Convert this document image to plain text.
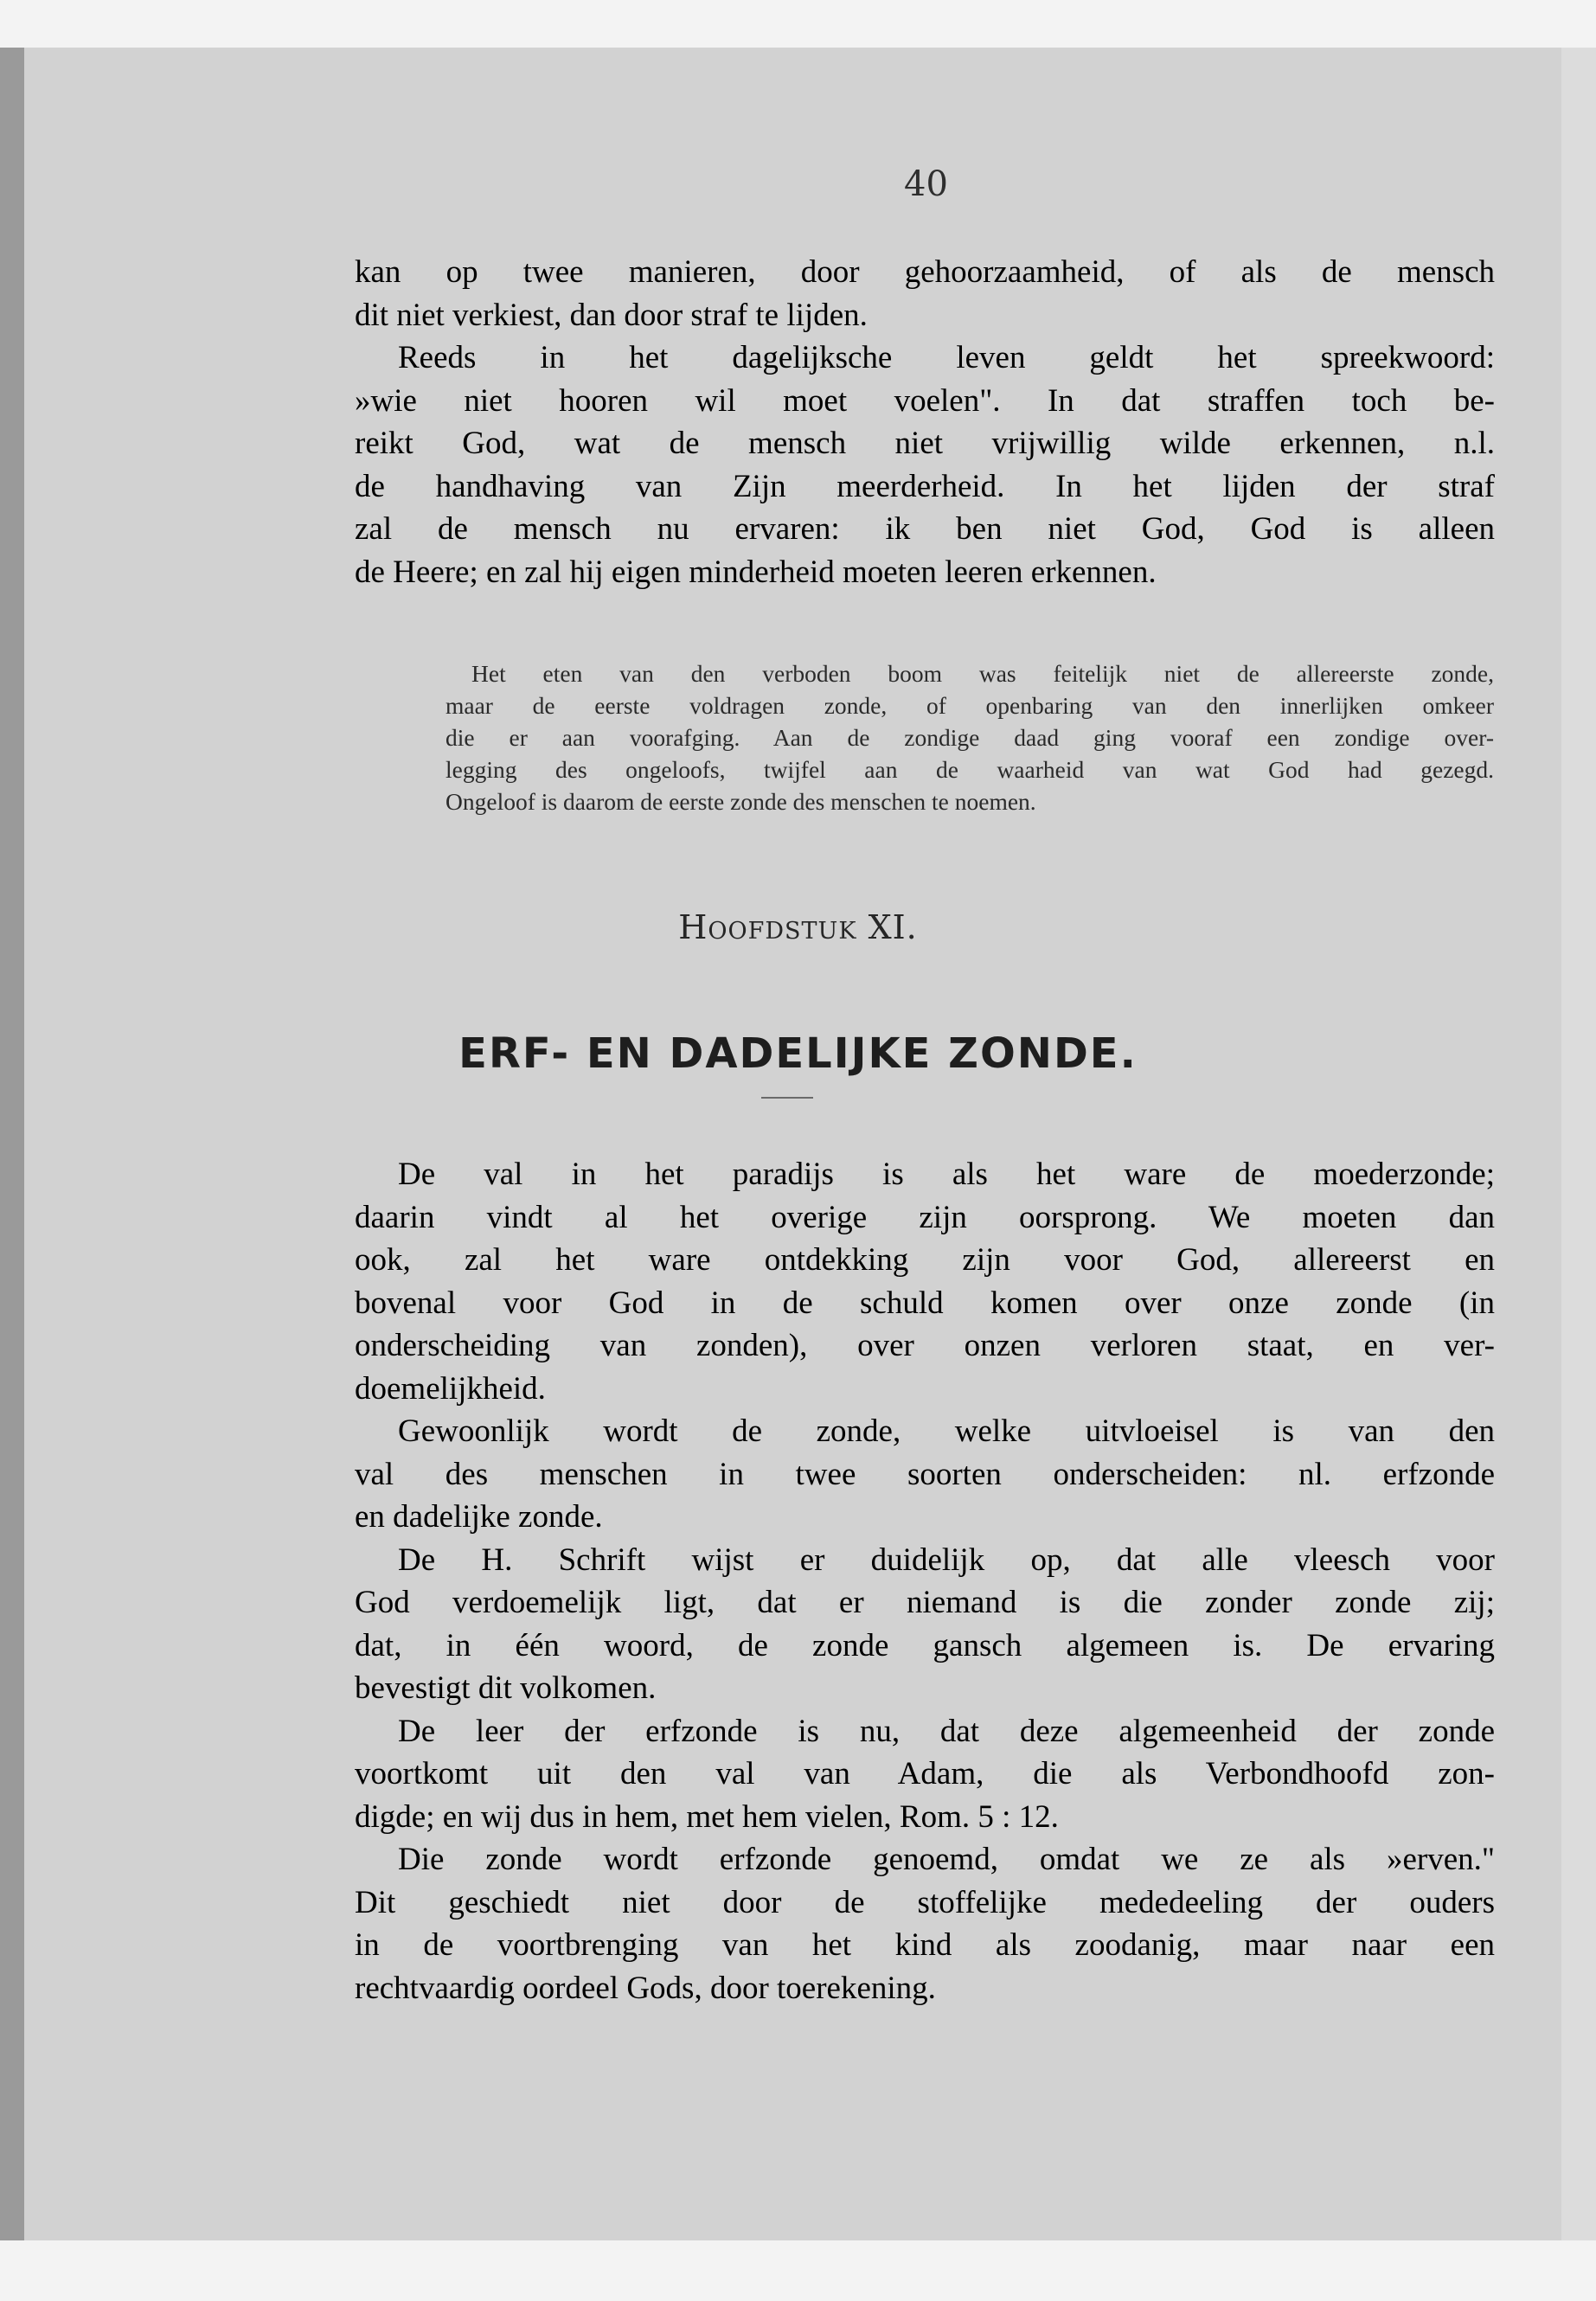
40
kan op twee manieren, door gehoorzaamheid, of als de mensch
dit niet verkiest, dan door straf te lijden.
Reeds in het dagelijksche leven geldt het spreekwoord:
»wie niet hooren wil moet voelen". In dat straffen toch be-
reikt God, wat de mensch niet vrijwillig wilde erkennen, n.l.
de handhaving van Zijn meerderheid. In het lijden der straf
zal de mensch nu ervaren: ik ben niet God, God is alleen
de Heere; en zal hij eigen minderheid moeten leeren erkennen.
Het eten van den verboden boom was feitelijk niet de allereerste zonde,
maar de eerste voldragen zonde, of openbaring van den innerlijken omkeer
die er aan voorafging. Aan de zondige daad ging vooraf een zondige over-
legging des ongeloofs, twijfel aan de waarheid van wat God had gezegd.
Ongeloof is daarom de eerste zonde des menschen te noemen.
Hoofdstuk XI.
ERF- EN DADELIJKE ZONDE.
De val in het paradijs is als het ware de moederzonde;
daarin vindt al het overige zijn oorsprong. We moeten dan
ook, zal het ware ontdekking zijn voor God, allereerst en
bovenal voor God in de schuld komen over onze zonde (in
onderscheiding van zonden), over onzen verloren staat, en ver-
doemelijkheid.
Gewoonlijk wordt de zonde, welke uitvloeisel is van den
val des menschen in twee soorten onderscheiden: nl. erfzonde
en dadelijke zonde.
De H. Schrift wijst er duidelijk op, dat alle vleesch voor
God verdoemelijk ligt, dat er niemand is die zonder zonde zij;
dat, in één woord, de zonde gansch algemeen is. De ervaring
bevestigt dit volkomen.
De leer der erfzonde is nu, dat deze algemeenheid der zonde
voortkomt uit den val van Adam, die als Verbondhoofd zon-
digde; en wij dus in hem, met hem vielen, Rom. 5 : 12.
Die zonde wordt erfzonde genoemd, omdat we ze als »erven."
Dit geschiedt niet door de stoffelijke mededeeling der ouders
in de voortbrenging van het kind als zoodanig, maar naar een
rechtvaardig oordeel Gods, door toerekening.
